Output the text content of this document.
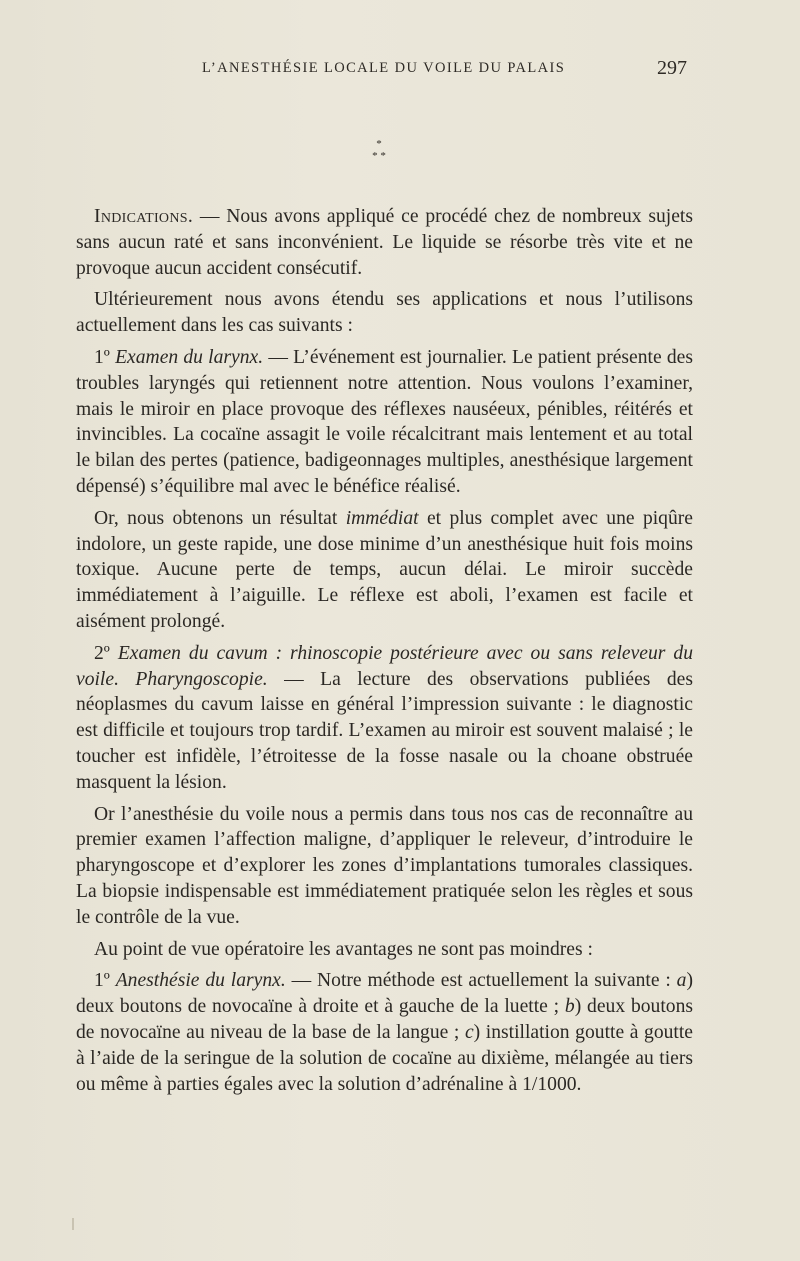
L’ANESTHÉSIE LOCALE DU VOILE DU PALAIS	297
*
* *

Indications. — Nous avons appliqué ce procédé chez de nombreux sujets sans aucun raté et sans inconvénient. Le liquide se résorbe très vite et ne provoque aucun accident consécutif.

Ultérieurement nous avons étendu ses applications et nous l’utilisons actuellement dans les cas suivants :

1º Examen du larynx. — L’événement est journalier. Le patient présente des troubles laryngés qui retiennent notre attention. Nous voulons l’examiner, mais le miroir en place provoque des réflexes nauséeux, pénibles, réitérés et invincibles. La cocaïne assagit le voile récalcitrant mais lentement et au total le bilan des pertes (patience, badigeonnages multiples, anesthésique largement dépensé) s’équilibre mal avec le bénéfice réalisé.

Or, nous obtenons un résultat immédiat et plus complet avec une piqûre indolore, un geste rapide, une dose minime d’un anesthésique huit fois moins toxique. Aucune perte de temps, aucun délai. Le miroir succède immédiatement à l’aiguille. Le réflexe est aboli, l’examen est facile et aisément prolongé.

2º Examen du cavum : rhinoscopie postérieure avec ou sans releveur du voile. Pharyngoscopie. — La lecture des observations publiées des néoplasmes du cavum laisse en général l’impression suivante : le diagnostic est difficile et toujours trop tardif. L’examen au miroir est souvent malaisé ; le toucher est infidèle, l’étroitesse de la fosse nasale ou la choane obstruée masquent la lésion.

Or l’anesthésie du voile nous a permis dans tous nos cas de reconnaître au premier examen l’affection maligne, d’appliquer le releveur, d’introduire le pharyngoscope et d’explorer les zones d’implantations tumorales classiques. La biopsie indispensable est immédiatement pratiquée selon les règles et sous le contrôle de la vue.

Au point de vue opératoire les avantages ne sont pas moindres :

1º Anesthésie du larynx. — Notre méthode est actuellement la suivante : a) deux boutons de novocaïne à droite et à gauche de la luette ; b) deux boutons de novocaïne au niveau de la base de la langue ; c) instillation goutte à goutte à l’aide de la seringue de la solution de cocaïne au dixième, mélangée au tiers ou même à parties égales avec la solution d’adrénaline à 1/1000.
